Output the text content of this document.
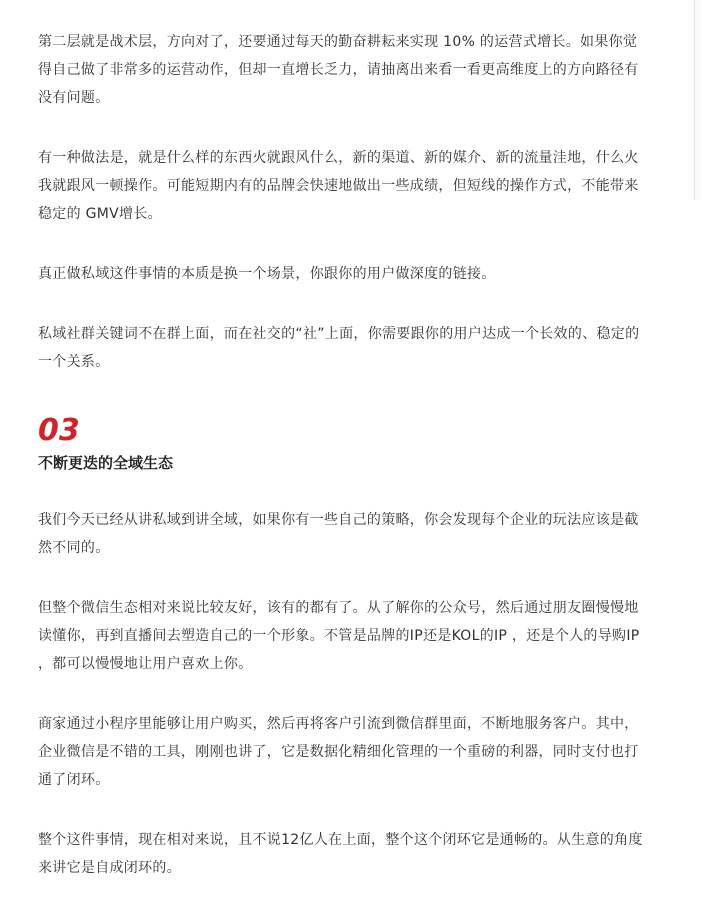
第二层就是战术层，方向对了，还要通过每天的勤奋耕耘来实现 10% 的运营式增长。如果你觉
得自己做了非常多的运营动作，但却一直增长乏力，请抽离出来看一看更高维度上的方向路径有
没有问题。

有一种做法是，就是什么样的东西火就跟风什么，新的渠道、新的媒介、新的流量洼地，什么火
我就跟风一顿操作。可能短期内有的品牌会快速地做出一些成绩，但短线的操作方式，不能带来
稳定的 GMV增长。

真正做私域这件事情的本质是换一个场景，你跟你的用户做深度的链接。

私域社群关键词不在群上面，而在社交的“社”上面，你需要跟你的用户达成一个长效的、稳定的
一个关系。

03
不断更迭的全域生态

我们今天已经从讲私域到讲全域，如果你有一些自己的策略，你会发现每个企业的玩法应该是截
然不同的。

但整个微信生态相对来说比较友好，该有的都有了。从了解你的公众号，然后通过朋友圈慢慢地
读懂你，再到直播间去塑造自己的一个形象。不管是品牌的IP还是KOL的IP ，还是个人的导购IP
，都可以慢慢地让用户喜欢上你。

商家通过小程序里能够让用户购买，然后再将客户引流到微信群里面，不断地服务客户。其中，
企业微信是不错的工具，刚刚也讲了，它是数据化精细化管理的一个重磅的利器，同时支付也打
通了闭环。

整个这件事情，现在相对来说，且不说12亿人在上面，整个这个闭环它是通畅的。从生意的角度
来讲它是自成闭环的。
